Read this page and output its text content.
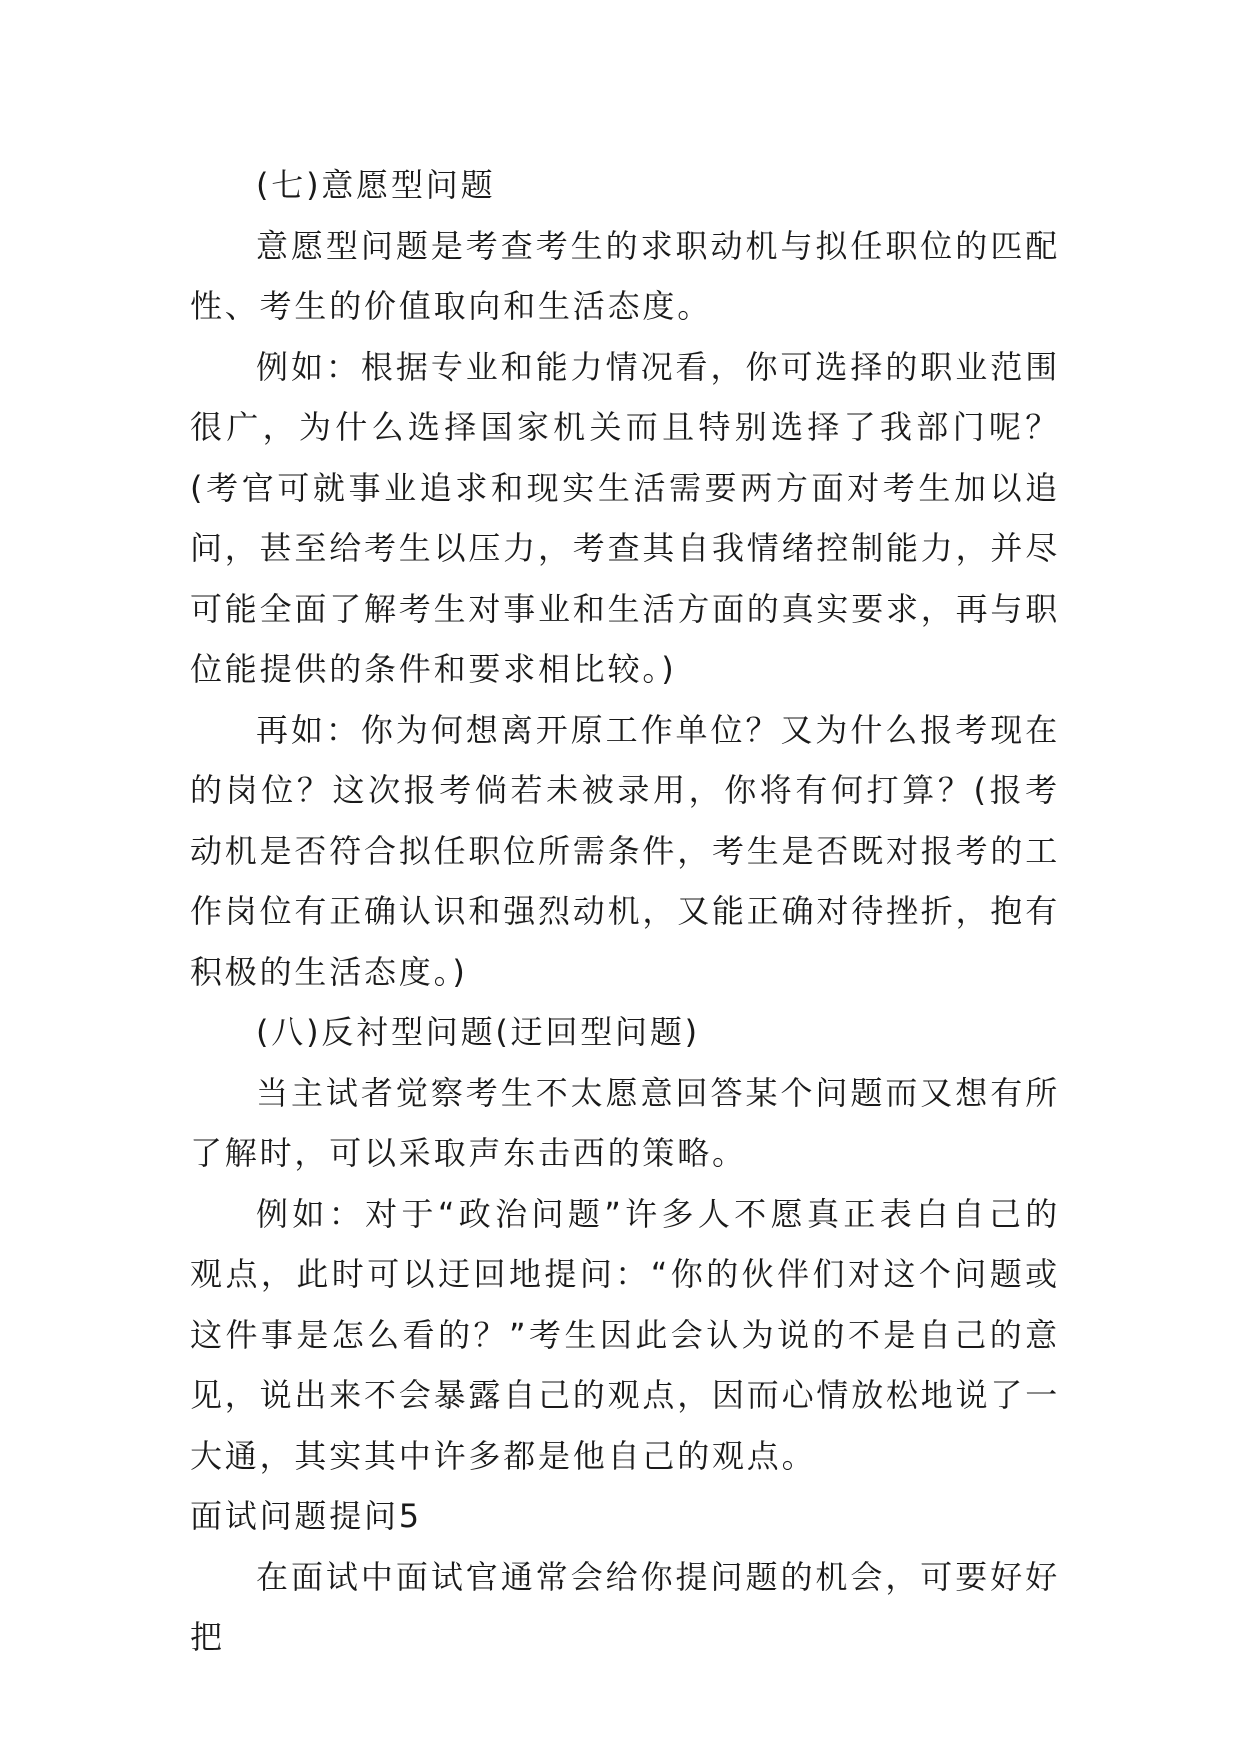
(七)意愿型问题

意愿型问题是考查考生的求职动机与拟任职位的匹配性、考生的价值取向和生活态度。

例如：根据专业和能力情况看，你可选择的职业范围很广，为什么选择国家机关而且特别选择了我部门呢？(考官可就事业追求和现实生活需要两方面对考生加以追问，甚至给考生以压力，考查其自我情绪控制能力，并尽可能全面了解考生对事业和生活方面的真实要求，再与职位能提供的条件和要求相比较。)

再如：你为何想离开原工作单位？又为什么报考现在的岗位？这次报考倘若未被录用，你将有何打算？(报考动机是否符合拟任职位所需条件，考生是否既对报考的工作岗位有正确认识和强烈动机，又能正确对待挫折，抱有积极的生活态度。)

(八)反衬型问题(迂回型问题)

当主试者觉察考生不太愿意回答某个问题而又想有所了解时，可以采取声东击西的策略。

例如：对于“政治问题”许多人不愿真正表白自己的观点，此时可以迂回地提问：“你的伙伴们对这个问题或这件事是怎么看的？”考生因此会认为说的不是自己的意见，说出来不会暴露自己的观点，因而心情放松地说了一大通，其实其中许多都是他自己的观点。

面试问题提问5

在面试中面试官通常会给你提问题的机会，可要好好把
